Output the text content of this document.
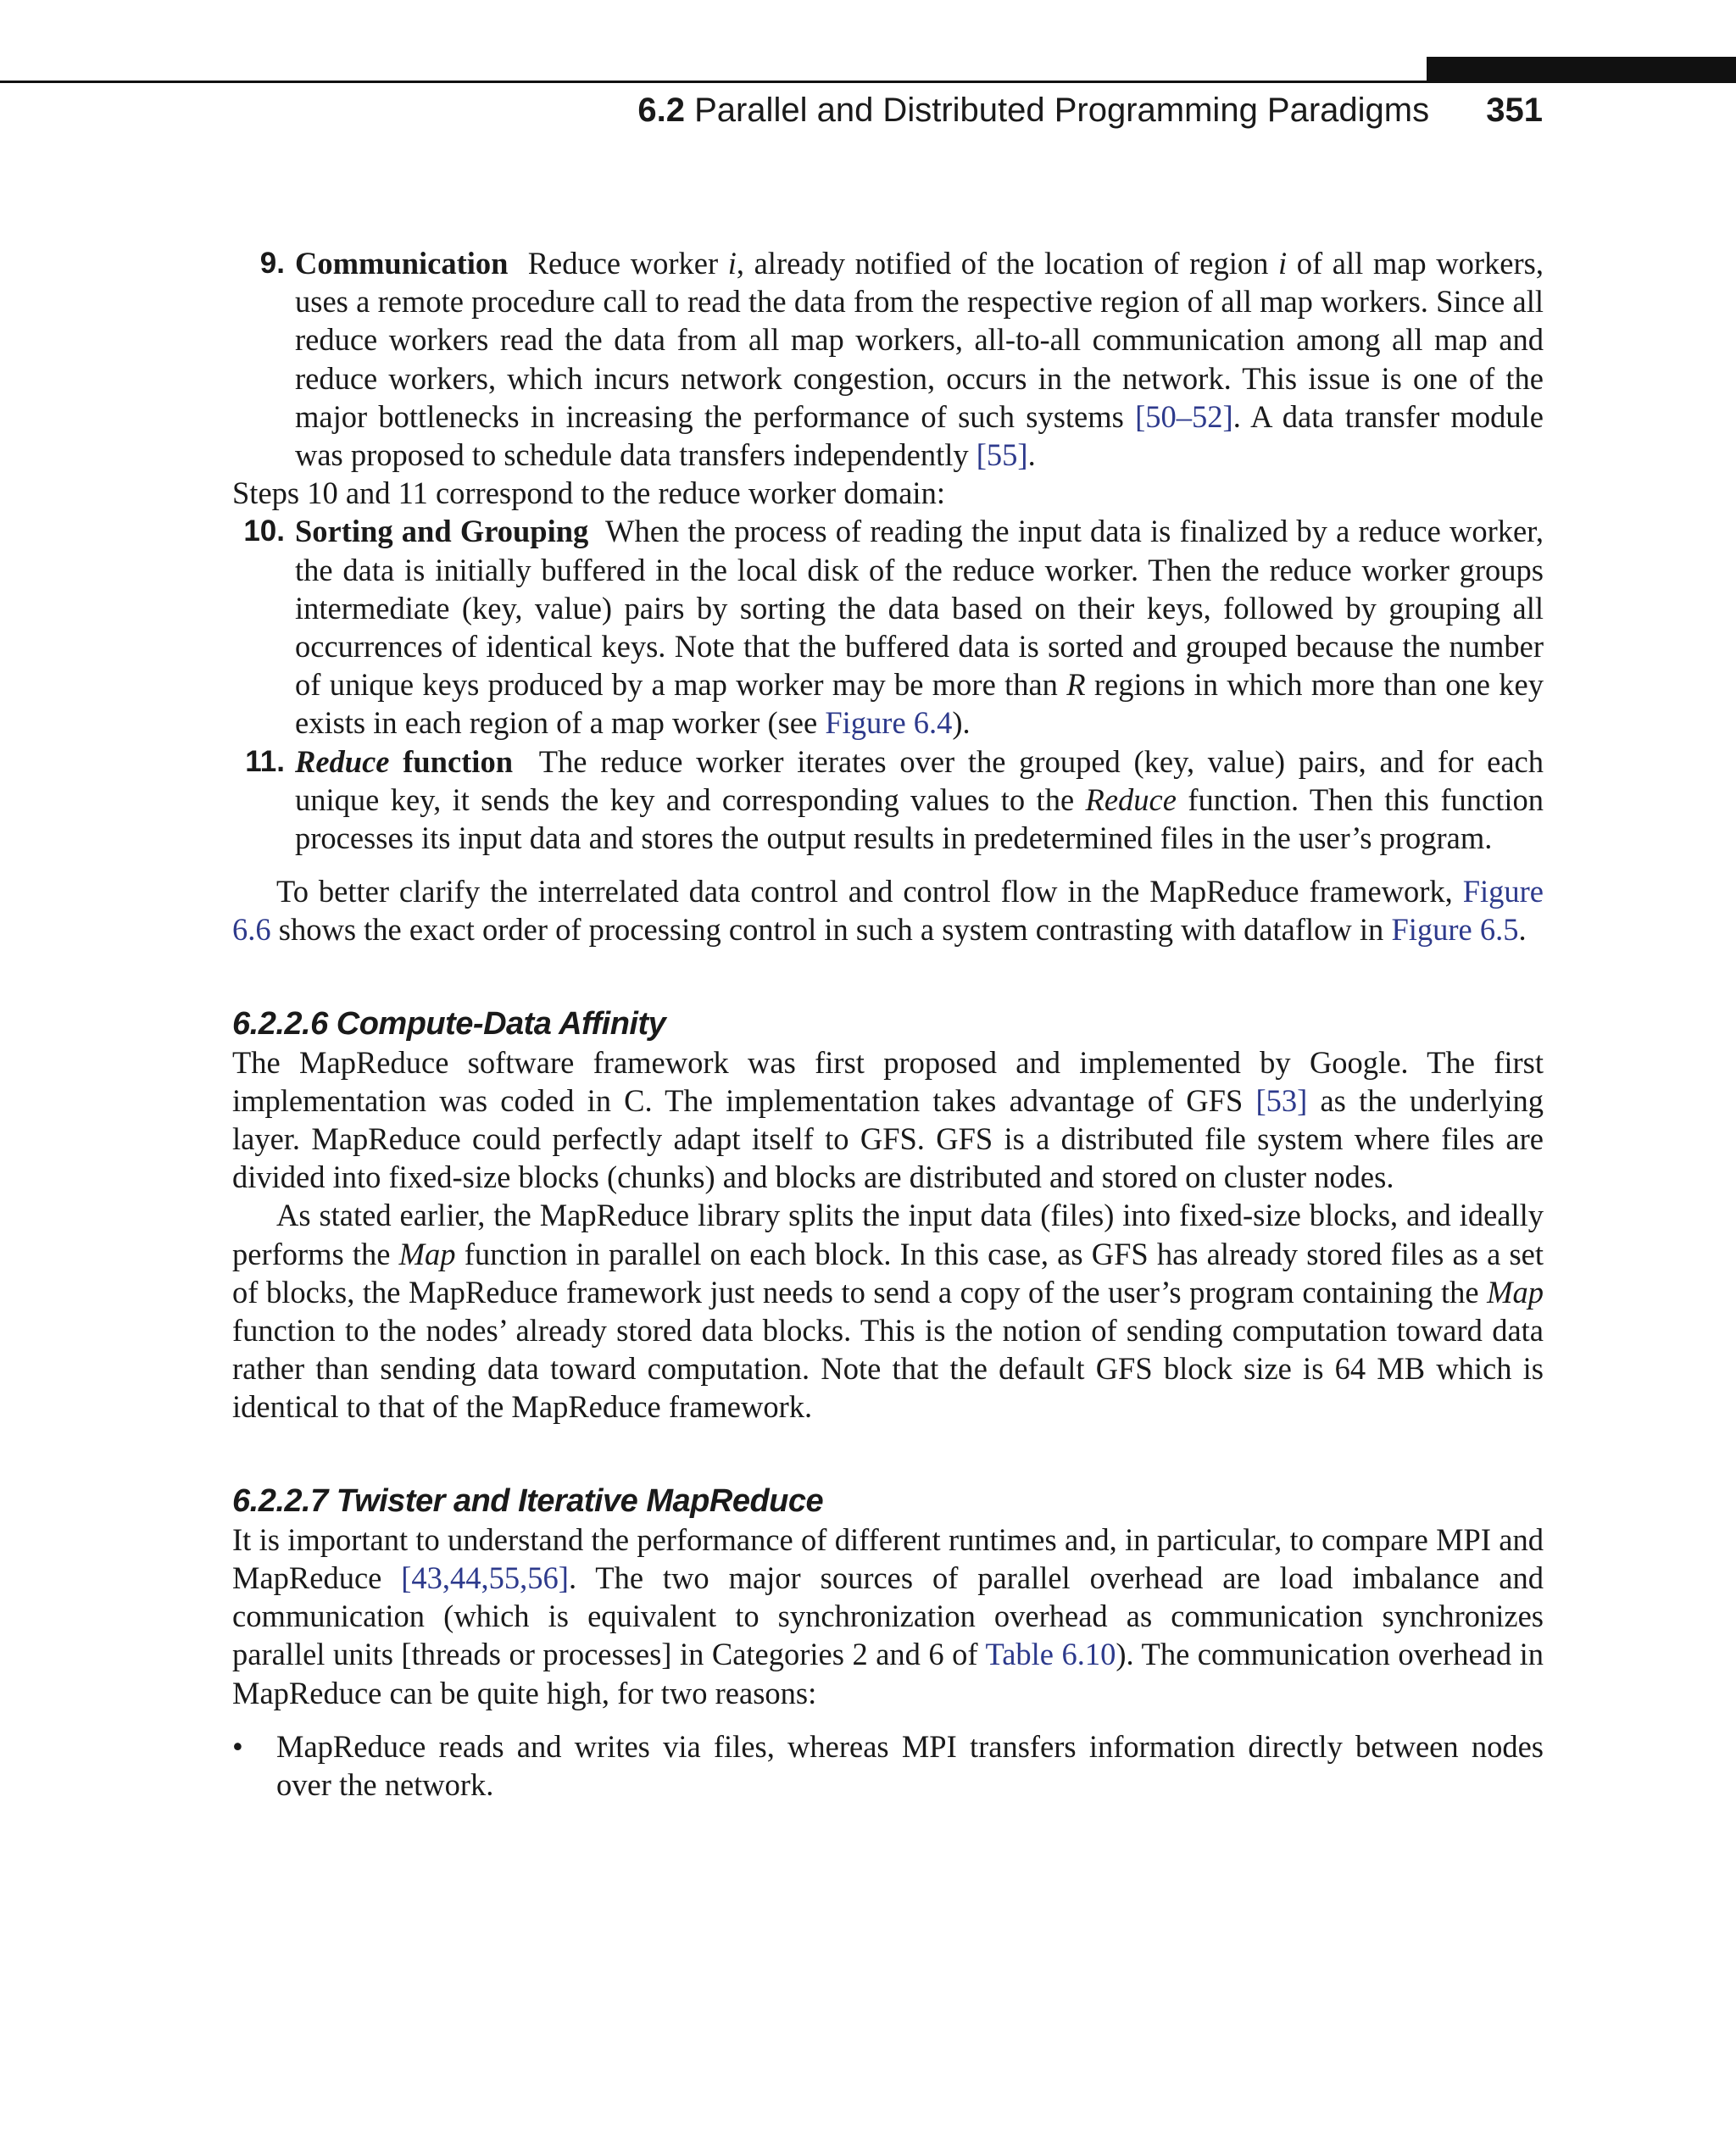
6.2 Parallel and Distributed Programming Paradigms 351
9. Communication Reduce worker i, already notified of the location of region i of all map workers, uses a remote procedure call to read the data from the respective region of all map workers. Since all reduce workers read the data from all map workers, all-to-all communication among all map and reduce workers, which incurs network congestion, occurs in the network. This issue is one of the major bottlenecks in increasing the performance of such systems [50–52]. A data transfer module was proposed to schedule data transfers independently [55].

Steps 10 and 11 correspond to the reduce worker domain:

10. Sorting and Grouping When the process of reading the input data is finalized by a reduce worker, the data is initially buffered in the local disk of the reduce worker. Then the reduce worker groups intermediate (key, value) pairs by sorting the data based on their keys, followed by grouping all occurrences of identical keys. Note that the buffered data is sorted and grouped because the number of unique keys produced by a map worker may be more than R regions in which more than one key exists in each region of a map worker (see Figure 6.4).
11. Reduce function The reduce worker iterates over the grouped (key, value) pairs, and for each unique key, it sends the key and corresponding values to the Reduce function. Then this function processes its input data and stores the output results in predetermined files in the user’s program.

To better clarify the interrelated data control and control flow in the MapReduce framework, Figure 6.6 shows the exact order of processing control in such a system contrasting with dataflow in Figure 6.5.

6.2.2.6 Compute-Data Affinity

The MapReduce software framework was first proposed and implemented by Google. The first implementation was coded in C. The implementation takes advantage of GFS [53] as the underlying layer. MapReduce could perfectly adapt itself to GFS. GFS is a distributed file system where files are divided into fixed-size blocks (chunks) and blocks are distributed and stored on cluster nodes.

As stated earlier, the MapReduce library splits the input data (files) into fixed-size blocks, and ideally performs the Map function in parallel on each block. In this case, as GFS has already stored files as a set of blocks, the MapReduce framework just needs to send a copy of the user’s program containing the Map function to the nodes’ already stored data blocks. This is the notion of sending computation toward data rather than sending data toward computation. Note that the default GFS block size is 64 MB which is identical to that of the MapReduce framework.

6.2.2.7 Twister and Iterative MapReduce

It is important to understand the performance of different runtimes and, in particular, to compare MPI and MapReduce [43,44,55,56]. The two major sources of parallel overhead are load imbalance and communication (which is equivalent to synchronization overhead as communication synchronizes parallel units [threads or processes] in Categories 2 and 6 of Table 6.10). The communication overhead in MapReduce can be quite high, for two reasons:

•	MapReduce reads and writes via files, whereas MPI transfers information directly between nodes over the network.
